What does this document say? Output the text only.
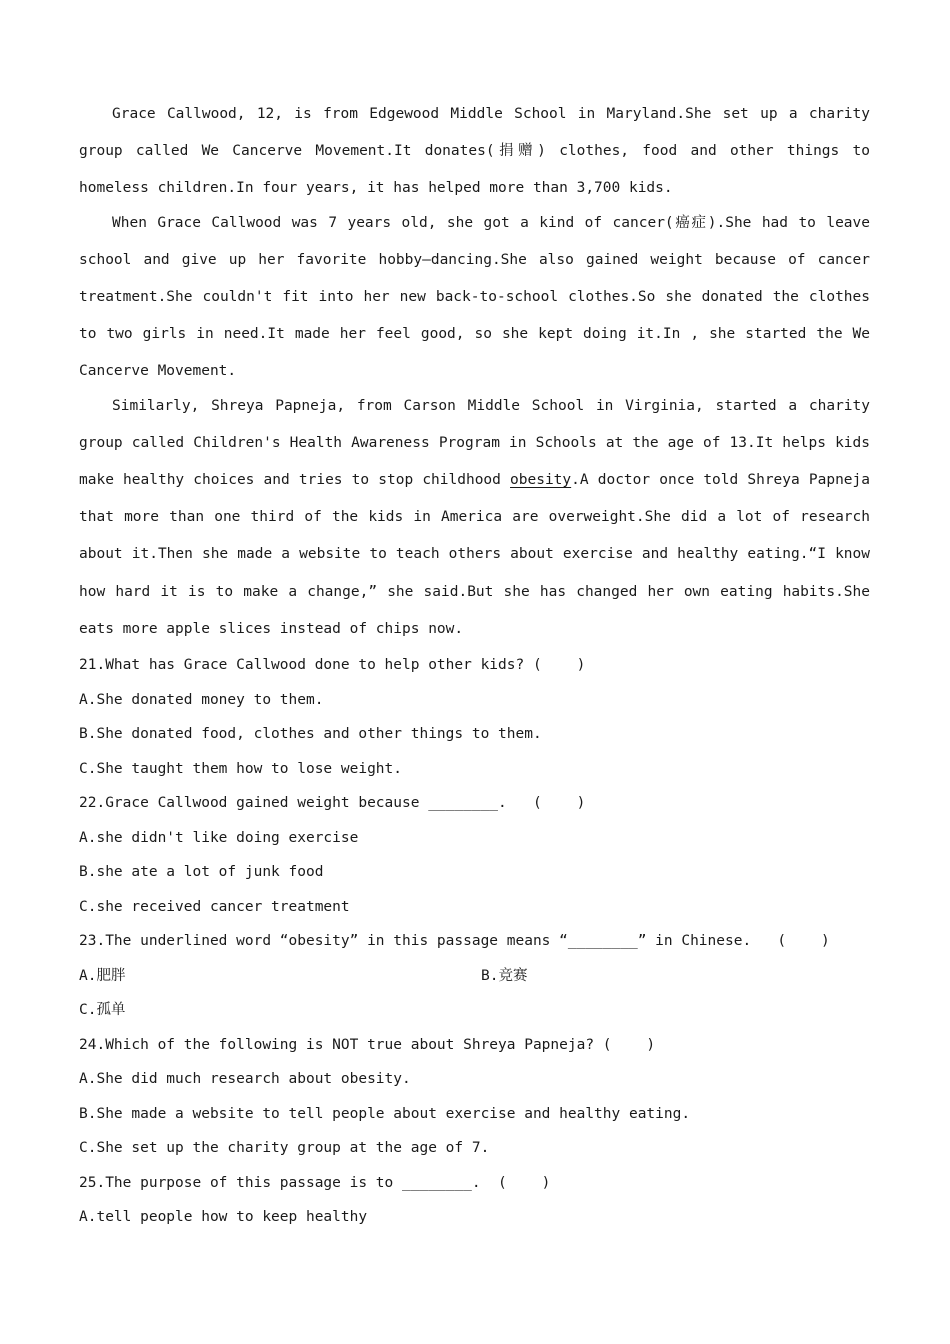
Grace Callwood, 12, is from Edgewood Middle School in Maryland.She set up a charity group called We Cancerve Movement.It donates(捐赠) clothes, food and other things to homeless children.In four years, it has helped more than 3,700 kids.

When Grace Callwood was 7 years old, she got a kind of cancer(癌症).She had to leave school and give up her favorite hobby—dancing.She also gained weight because of cancer treatment.She couldn't fit into her new back-to-school clothes.So she donated the clothes to two girls in need.It made her feel good, so she kept doing it.In , she started the We Cancerve Movement.

Similarly, Shreya Papneja, from Carson Middle School in Virginia, started a charity group called Children's Health Awareness Program in Schools at the age of 13.It helps kids make healthy choices and tries to stop childhood obesity.A doctor once told Shreya Papneja that more than one third of the kids in America are overweight.She did a lot of research about it.Then she made a website to teach others about exercise and healthy eating.“I know how hard it is to make a change,” she said.But she has changed her own eating habits.She eats more apple slices instead of chips now.

21.What has Grace Callwood done to help other kids? (    )

A.She donated money to them.

B.She donated food, clothes and other things to them.

C.She taught them how to lose weight.

22.Grace Callwood gained weight because ________.   (    )

A.she didn't like doing exercise

B.she ate a lot of junk food

C.she received cancer treatment

23.The underlined word “obesity” in this passage means “________” in Chinese.   (    )

A.肥胖	B.竞赛

C.孤单

24.Which of the following is NOT true about Shreya Papneja? (    )

A.She did much research about obesity.

B.She made a website to tell people about exercise and healthy eating.

C.She set up the charity group at the age of 7.

25.The purpose of this passage is to ________.  (    )

A.tell people how to keep healthy
